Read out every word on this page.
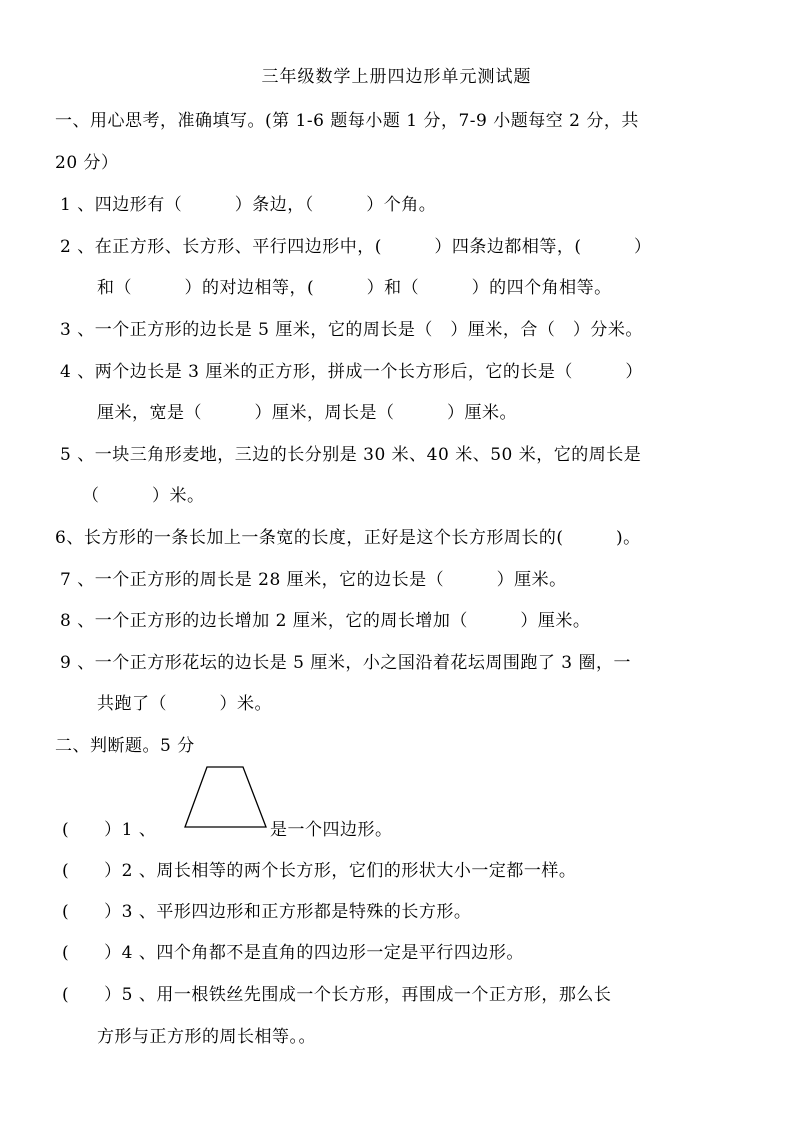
三年级数学上册四边形单元测试题
一、用心思考，准确填写。(第 1-6 题每小题 1 分，7-9 小题每空 2 分，共
20 分）
1 、四边形有（　　　）条边，（　　　）个角。
2 、在正方形、长方形、平行四边形中，(　　　）四条边都相等，(　　　）
和（　　　）的对边相等，(　　　）和（　　　）的四个角相等。
3 、一个正方形的边长是 5 厘米，它的周长是（　）厘米，合（　）分米。
4 、两个边长是 3 厘米的正方形，拼成一个长方形后，它的长是（　　　）
厘米，宽是（　　　）厘米，周长是（　　　）厘米。
5 、一块三角形麦地，三边的长分别是 30 米、40 米、50 米，它的周长是
（　　　）米。
6、长方形的一条长加上一条宽的长度，正好是这个长方形周长的(　　　)。
7 、一个正方形的周长是 28 厘米，它的边长是（　　　）厘米。
8 、一个正方形的边长增加 2 厘米，它的周长增加（　　　）厘米。
9 、一个正方形花坛的边长是 5 厘米，小之国沿着花坛周围跑了 3 圈，一
共跑了（　　　）米。
二、判断题。5 分
(　　）1 、	是一个四边形。
(　　）2 、周长相等的两个长方形，它们的形状大小一定都一样。
(　　）3 、平形四边形和正方形都是特殊的长方形。
(　　）4 、四个角都不是直角的四边形一定是平行四边形。
(　　）5 、用一根铁丝先围成一个长方形，再围成一个正方形，那么长
方形与正方形的周长相等。。
